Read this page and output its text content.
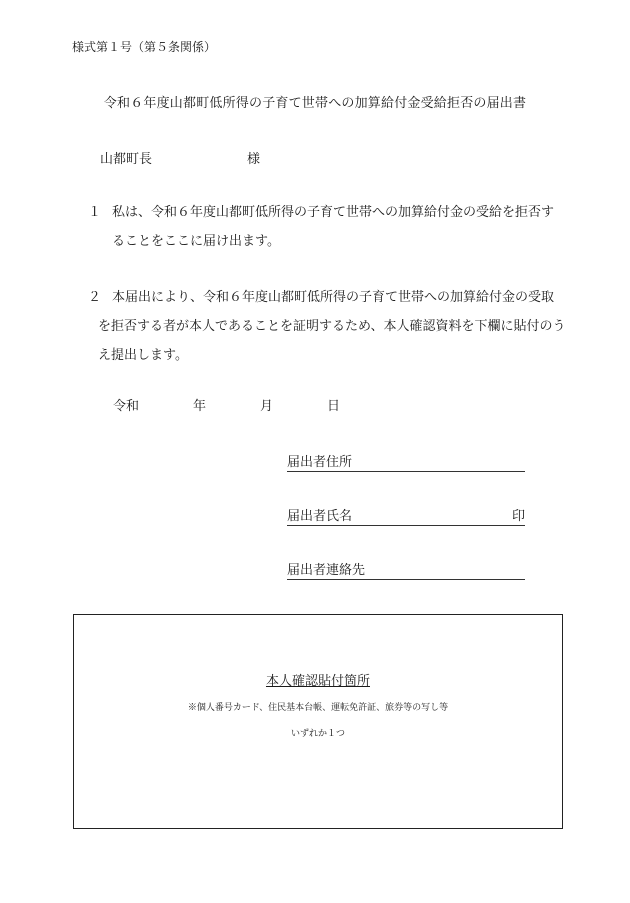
様式第１号（第５条関係）
令和６年度山都町低所得の子育て世帯への加算給付金受給拒否の届出書
山都町長	様
１ 私は、令和６年度山都町低所得の子育て世帯への加算給付金の受給を拒否す
ることをここに届け出ます。
２ 本届出により、令和６年度山都町低所得の子育て世帯への加算給付金の受取
を拒否する者が本人であることを証明するため、本人確認資料を下欄に貼付のうえ提出します。
令和	年	月	日
届出者住所
届出者氏名	印
届出者連絡先
本人確認貼付箇所
※個人番号カード、住民基本台帳、運転免許証、旅券等の写し等
いずれか１つ
